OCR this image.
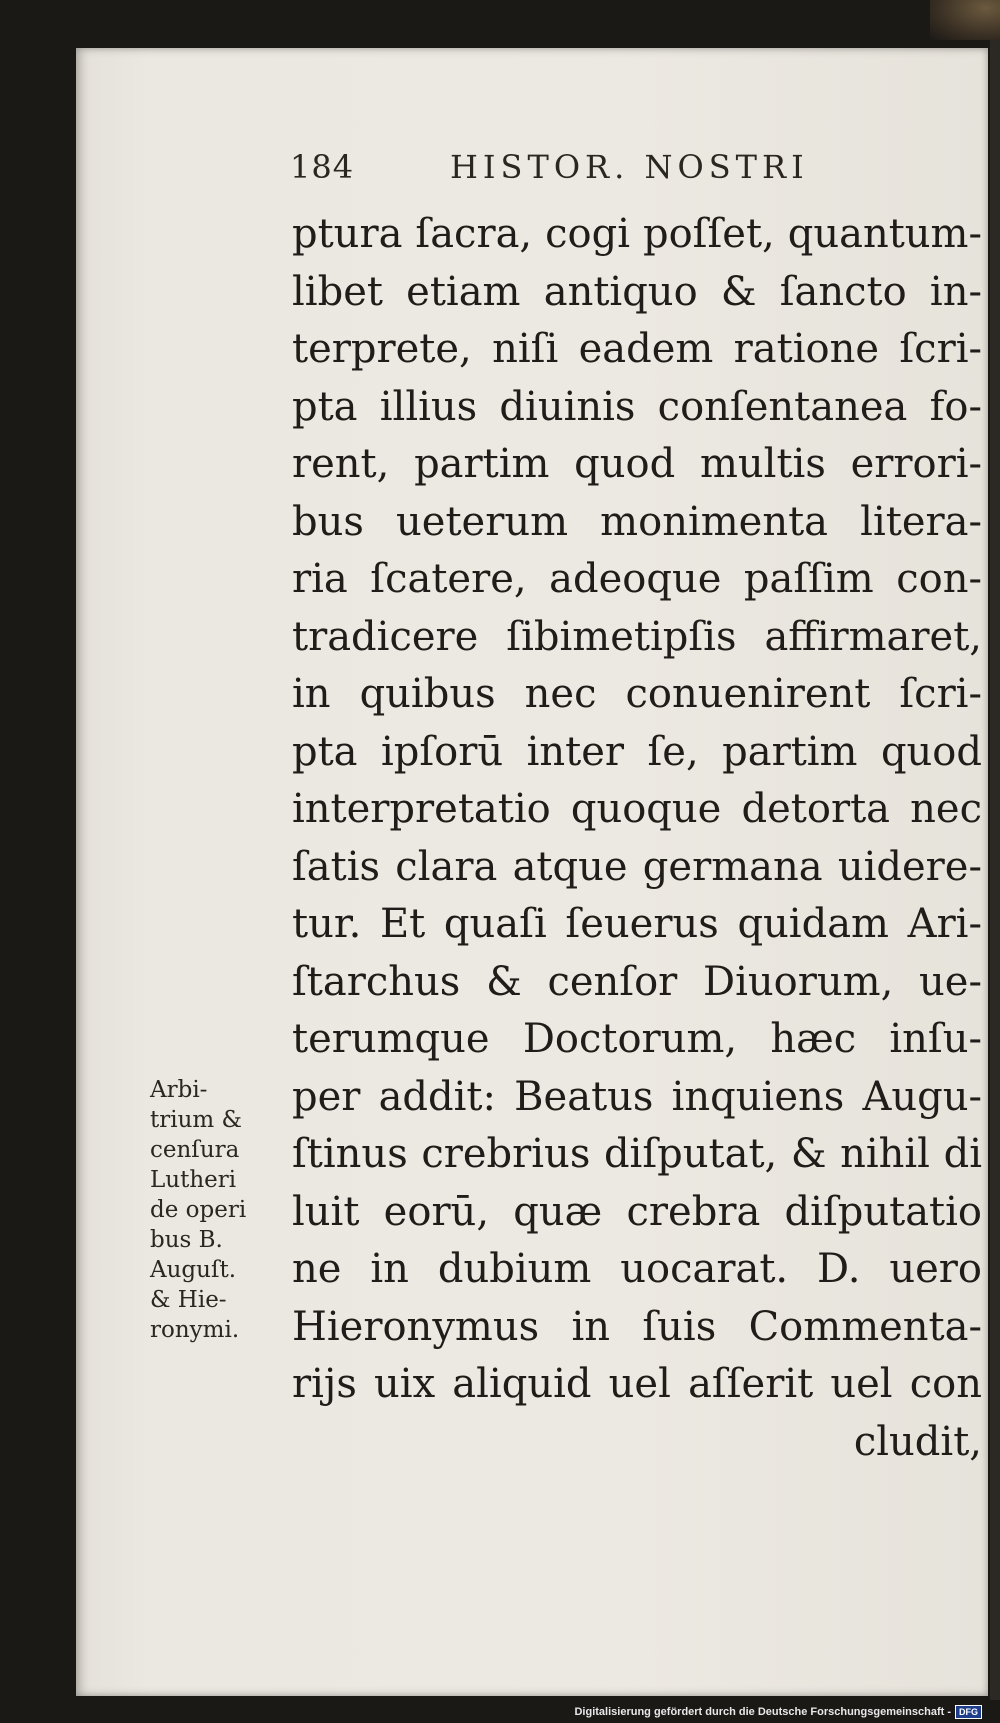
184	HISTOR. NOSTRI
ptura ſacra, cogi poſſet, quantum-
libet etiam antiquo & ſancto in-
terprete, niſi eadem ratione ſcri-
pta illius diuinis conſentanea fo-
rent, partim quod multis errori-
bus ueterum monimenta litera-
ria ſcatere, adeoque paſſim con-
tradicere ſibimetipſis affirmaret,
in quibus nec conuenirent ſcri-
pta ipſorū inter ſe, partim quod
interpretatio quoque detorta nec
ſatis clara atque germana uidere-
tur. Et quaſi ſeuerus quidam Ari-
ſtarchus & cenſor Diuorum, ue-
terumque Doctorum, hæc inſu-
per addit: Beatus inquiens Augu-
ſtinus crebrius diſputat, & nihil di
luit eorū, quæ crebra diſputatio
ne in dubium uocarat. D. uero
Hieronymus in ſuis Commenta-
rijs uix aliquid uel aſſerit uel con
cludit,
Arbi-
trium &
cenſura
Lutheri
de operi
bus B.
Auguſt.
& Hie-
ronymi.
Digitalisierung gefördert durch die Deutsche Forschungsgemeinschaft - DFG
